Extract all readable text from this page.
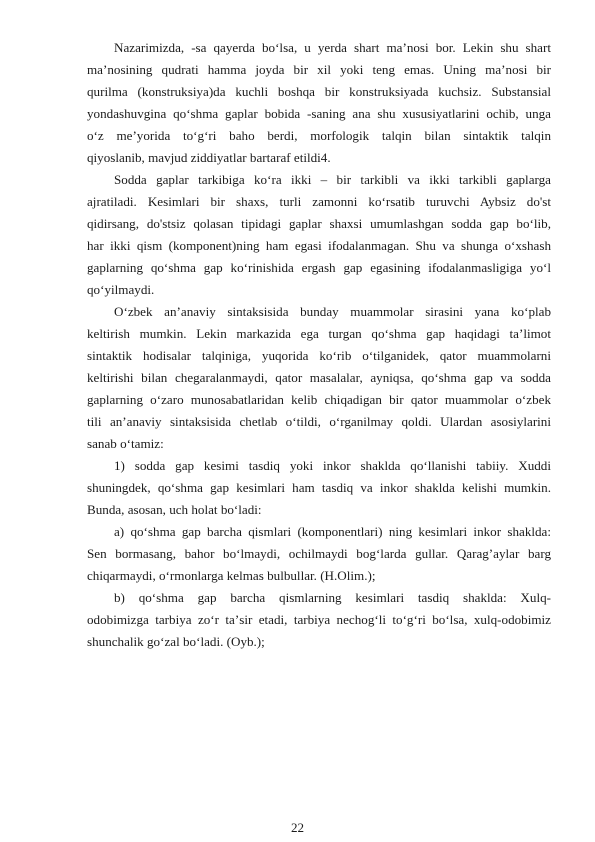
Nazarimizda, -sa qayerda boʻlsa, u yerda shart maʼnosi bor. Lekin shu shart
maʼnosining qudrati hamma joyda bir xil yoki teng emas. Uning maʼnosi bir
qurilma (konstruksiya)da kuchli boshqa bir konstruksiyada kuchsiz. Substansial
yondashuvgina qoʻshma gaplar bobida -saning ana shu xususiyatlarini ochib, unga
oʻz meʼyorida toʻgʻri baho berdi, morfologik talqin bilan sintaktik talqin
qiyoslanib, mavjud ziddiyatlar bartaraf etildi4.
Sodda gaplar tarkibiga koʻra ikki – bir tarkibli va ikki tarkibli gaplarga
ajratiladi. Kesimlari bir shaxs, turli zamonni koʻrsatib turuvchi Aybsiz do'st
qidirsang, do'stsiz qolasan tipidagi gaplar shaxsi umumlashgan sodda gap boʻlib,
har ikki qism (komponent)ning ham egasi ifodalanmagan. Shu va shunga oʻxshash
gaplarning qoʻshma gap koʻrinishida ergash gap egasining ifodalanmasligiga yoʻl
qoʻyilmaydi.
Oʻzbek anʼanaviy sintaksisida bunday muammolar sirasini yana koʻplab
keltirish mumkin. Lekin markazida ega turgan qoʻshma gap haqidagi taʼlimot
sintaktik hodisalar talqiniga, yuqorida koʻrib oʻtilganidek, qator muammolarni
keltirishi bilan chegaralanmaydi, qator masalalar, ayniqsa, qoʻshma gap va sodda
gaplarning oʻzaro munosabatlaridan kelib chiqadigan bir qator muammolar oʻzbek
tili anʼanaviy sintaksisida chetlab oʻtildi, oʻrganilmay qoldi. Ulardan asosiylarini
sanab oʻtamiz:
1) sodda gap kesimi tasdiq yoki inkor shaklda qoʻllanishi tabiiy. Xuddi
shuningdek, qoʻshma gap kesimlari ham tasdiq va inkor shaklda kelishi mumkin.
Bunda, asosan, uch holat boʻladi:
a) qoʻshma gap barcha qismlari (komponentlari) ning kesimlari inkor shaklda:
Sen bormasang, bahor boʻlmaydi, ochilmaydi bogʻlarda gullar. Qaragʼaylar barg
chiqarmaydi, oʻrmonlarga kelmas bulbullar. (H.Olim.);
b) qoʻshma gap barcha qismlarning kesimlari tasdiq shaklda: Xulq-
odobimizga tarbiya zoʻr taʼsir etadi, tarbiya nechogʻli toʻgʻri boʻlsa, xulq-odobimiz
shunchalik goʻzal boʻladi. (Oyb.);
22
